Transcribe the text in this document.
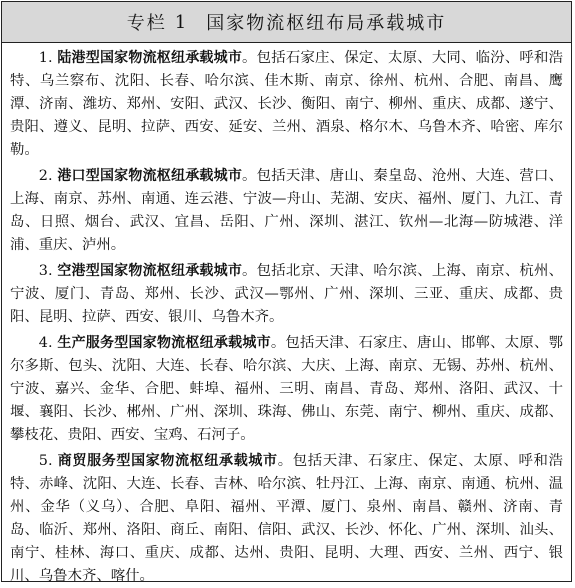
专栏 1 国家物流枢纽布局承载城市

1. 陆港型国家物流枢纽承载城市。包括石家庄、保定、太原、大同、临汾、呼和浩特、乌兰察布、沈阳、长春、哈尔滨、佳木斯、南京、徐州、杭州、合肥、南昌、鹰潭、济南、潍坊、郑州、安阳、武汉、长沙、衡阳、南宁、柳州、重庆、成都、遂宁、贵阳、遵义、昆明、拉萨、西安、延安、兰州、酒泉、格尔木、乌鲁木齐、哈密、库尔勒。

2. 港口型国家物流枢纽承载城市。包括天津、唐山、秦皇岛、沧州、大连、营口、上海、南京、苏州、南通、连云港、宁波—舟山、芜湖、安庆、福州、厦门、九江、青岛、日照、烟台、武汉、宜昌、岳阳、广州、深圳、湛江、钦州—北海—防城港、洋浦、重庆、泸州。

3. 空港型国家物流枢纽承载城市。包括北京、天津、哈尔滨、上海、南京、杭州、宁波、厦门、青岛、郑州、长沙、武汉—鄂州、广州、深圳、三亚、重庆、成都、贵阳、昆明、拉萨、西安、银川、乌鲁木齐。

4. 生产服务型国家物流枢纽承载城市。包括天津、石家庄、唐山、邯郸、太原、鄂尔多斯、包头、沈阳、大连、长春、哈尔滨、大庆、上海、南京、无锡、苏州、杭州、宁波、嘉兴、金华、合肥、蚌埠、福州、三明、南昌、青岛、郑州、洛阳、武汉、十堰、襄阳、长沙、郴州、广州、深圳、珠海、佛山、东莞、南宁、柳州、重庆、成都、攀枝花、贵阳、西安、宝鸡、石河子。

5. 商贸服务型国家物流枢纽承载城市。包括天津、石家庄、保定、太原、呼和浩特、赤峰、沈阳、大连、长春、吉林、哈尔滨、牡丹江、上海、南京、南通、杭州、温州、金华（义乌）、合肥、阜阳、福州、平潭、厦门、泉州、南昌、赣州、济南、青岛、临沂、郑州、洛阳、商丘、南阳、信阳、武汉、长沙、怀化、广州、深圳、汕头、南宁、桂林、海口、重庆、成都、达州、贵阳、昆明、大理、西安、兰州、西宁、银川、乌鲁木齐、喀什。
